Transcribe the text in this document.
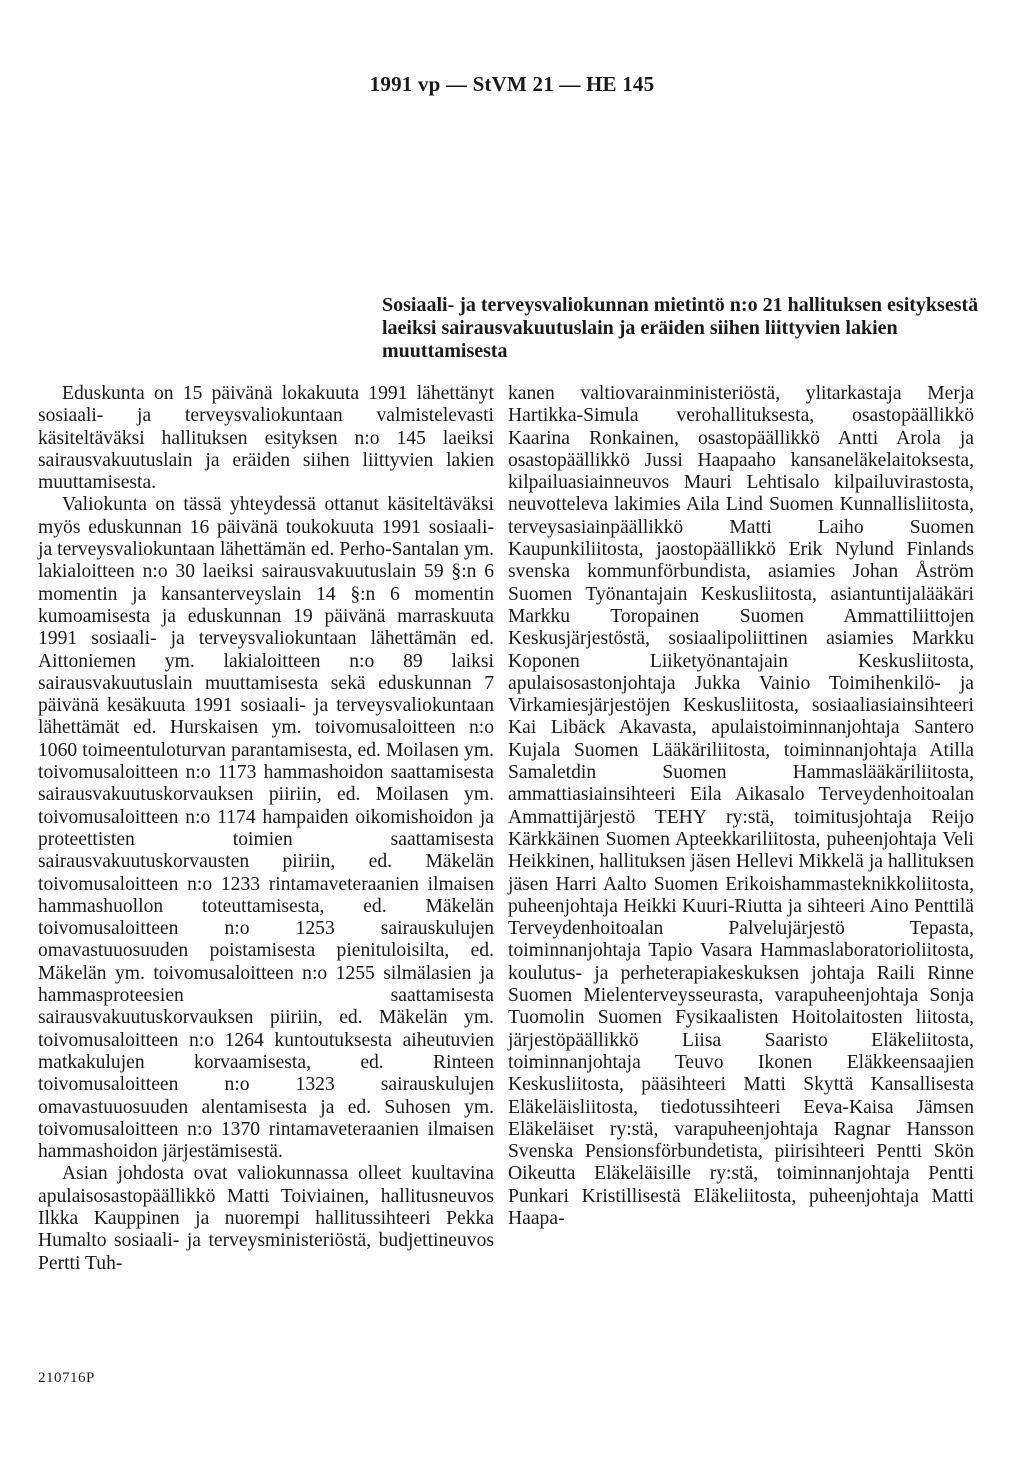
1991 vp — StVM 21 — HE 145
Sosiaali- ja terveysvaliokunnan mietintö n:o 21 hallituksen esityksestä laeiksi sairausvakuutuslain ja eräiden siihen liittyvien lakien muuttamisesta

Eduskunta on 15 päivänä lokakuuta 1991 lähettänyt sosiaali- ja terveysvaliokuntaan valmistelevasti käsiteltäväksi hallituksen esityksen n:o 145 laeiksi sairausvakuutuslain ja eräiden siihen liittyvien lakien muuttamisesta.

Valiokunta on tässä yhteydessä ottanut käsiteltäväksi myös eduskunnan 16 päivänä toukokuuta 1991 sosiaali- ja terveysvaliokuntaan lähettämän ed. Perho-Santalan ym. lakialoitteen n:o 30 laeiksi sairausvakuutuslain 59 §:n 6 momentin ja kansanterveyslain 14 §:n 6 momentin kumoamisesta ja eduskunnan 19 päivänä marraskuuta 1991 sosiaali- ja terveysvaliokuntaan lähettämän ed. Aittoniemen ym. lakialoitteen n:o 89 laiksi sairausvakuutuslain muuttamisesta sekä eduskunnan 7 päivänä kesäkuuta 1991 sosiaali- ja terveysvaliokuntaan lähettämät ed. Hurskaisen ym. toivomusaloitteen n:o 1060 toimeentuloturvan parantamisesta, ed. Moilasen ym. toivomusaloitteen n:o 1173 hammashoidon saattamisesta sairausvakuutuskorvauksen piiriin, ed. Moilasen ym. toivomusaloitteen n:o 1174 hampaiden oikomishoidon ja proteettisten toimien saattamisesta sairausvakuutuskorvausten piiriin, ed. Mäkelän toivomusaloitteen n:o 1233 rintamaveteraanien ilmaisen hammashuollon toteuttamisesta, ed. Mäkelän toivomusaloitteen n:o 1253 sairauskulujen omavastuuosuuden poistamisesta pienituloisilta, ed. Mäkelän ym. toivomusaloitteen n:o 1255 silmälasien ja hammasproteesien saattamisesta sairausvakuutuskorvauksen piiriin, ed. Mäkelän ym. toivomusaloitteen n:o 1264 kuntoutuksesta aiheutuvien matkakulujen korvaamisesta, ed. Rinteen toivomusaloitteen n:o 1323 sairauskulujen omavastuuosuuden alentamisesta ja ed. Suhosen ym. toivomusaloitteen n:o 1370 rintamaveteraanien ilmaisen hammashoidon järjestämisestä.

Asian johdosta ovat valiokunnassa olleet kuultavina apulaisosastopäällikkö Matti Toiviainen, hallitusneuvos Ilkka Kauppinen ja nuorempi hallitussihteeri Pekka Humalto sosiaali- ja terveysministeriöstä, budjettineuvos Pertti Tuh-

kanen valtiovarainministeriöstä, ylitarkastaja Merja Hartikka-Simula verohallituksesta, osastopäällikkö Kaarina Ronkainen, osastopäällikkö Antti Arola ja osastopäällikkö Jussi Haapaaho kansaneläkelaitoksesta, kilpailuasiainneuvos Mauri Lehtisalo kilpailuvirastosta, neuvotteleva lakimies Aila Lind Suomen Kunnallisliitosta, terveysasiainpäällikkö Matti Laiho Suomen Kaupunkiliitosta, jaostopäällikkö Erik Nylund Finlands svenska kommunförbundista, asiamies Johan Åström Suomen Työnantajain Keskusliitosta, asiantuntijalääkäri Markku Toropainen Suomen Ammattiliittojen Keskusjärjestöstä, sosiaalipoliittinen asiamies Markku Koponen Liiketyönantajain Keskusliitosta, apulaisosastonjohtaja Jukka Vainio Toimihenkilö- ja Virkamiesjärjestöjen Keskusliitosta, sosiaaliasiainsihteeri Kai Libäck Akavasta, apulaistoiminnanjohtaja Santero Kujala Suomen Lääkäriliitosta, toiminnanjohtaja Atilla Samaletdin Suomen Hammaslääkäriliitosta, ammattiasiainsihteeri Eila Aikasalo Terveydenhoitoalan Ammattijärjestö TEHY ry:stä, toimitusjohtaja Reijo Kärkkäinen Suomen Apteekkariliitosta, puheenjohtaja Veli Heikkinen, hallituksen jäsen Hellevi Mikkelä ja hallituksen jäsen Harri Aalto Suomen Erikoishammasteknikkoliitosta, puheenjohtaja Heikki Kuuri-Riutta ja sihteeri Aino Penttilä Terveydenhoitoalan Palvelujärjestö Tepasta, toiminnanjohtaja Tapio Vasara Hammaslaboratorioliitosta, koulutus- ja perheterapiakeskuksen johtaja Raili Rinne Suomen Mielenterveysseurasta, varapuheenjohtaja Sonja Tuomolin Suomen Fysikaalisten Hoitolaitosten liitosta, järjestöpäällikkö Liisa Saaristo Eläkeliitosta, toiminnanjohtaja Teuvo Ikonen Eläkkeensaajien Keskusliitosta, pääsihteeri Matti Skyttä Kansallisesta Eläkeläisliitosta, tiedotussihteeri Eeva-Kaisa Jämsen Eläkeläiset ry:stä, varapuheenjohtaja Ragnar Hansson Svenska Pensionsförbundetista, piirisihteeri Pentti Skön Oikeutta Eläkeläisille ry:stä, toiminnanjohtaja Pentti Punkari Kristillisestä Eläkeliitosta, puheenjohtaja Matti Haapa-

210716P
